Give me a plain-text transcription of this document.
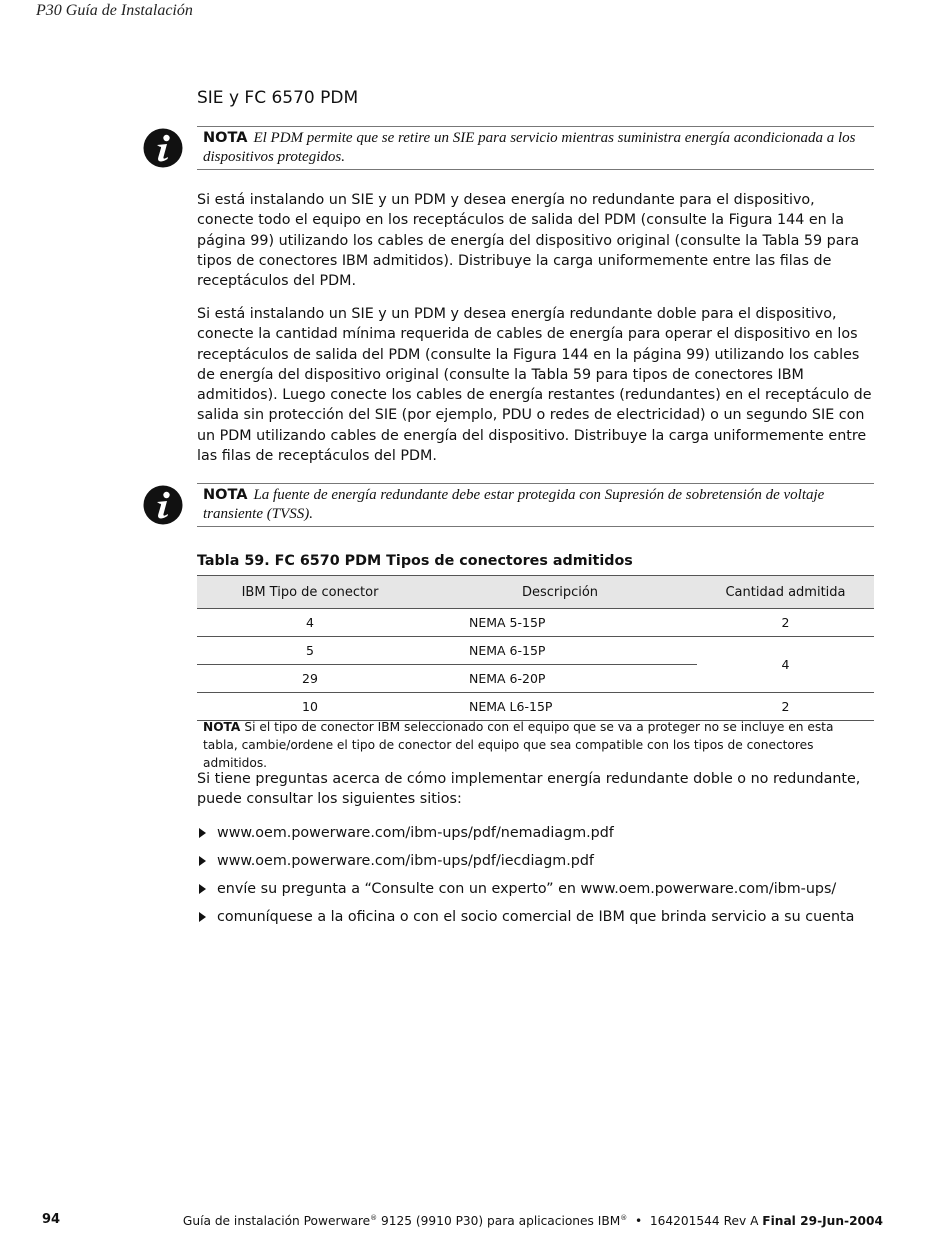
P30 Guía de Instalación
SIE y FC 6570 PDM
NOTA El PDM permite que se retire un SIE para servicio mientras suministra energía acondicionada a los dispositivos protegidos.
Si está instalando un SIE y un PDM y desea energía no redundante para el dispositivo, conecte todo el equipo en los receptáculos de salida del PDM (consulte la Figura 144 en la página 99) utilizando los cables de energía del dispositivo original (consulte la Tabla 59 para tipos de conectores IBM admitidos). Distribuye la carga uniformemente entre las filas de receptáculos del PDM.
Si está instalando un SIE y un PDM y desea energía redundante doble para el dispositivo, conecte la cantidad mínima requerida de cables de energía para operar el dispositivo en los receptáculos de salida del PDM (consulte la Figura 144 en la página 99) utilizando los cables de energía del dispositivo original (consulte la Tabla 59 para tipos de conectores IBM admitidos). Luego conecte los cables de energía restantes (redundantes) en el receptáculo de salida sin protección del SIE (por ejemplo, PDU o redes de electricidad) o un segundo SIE con un PDM utilizando cables de energía del dispositivo. Distribuye la carga uniformemente entre las filas de receptáculos del PDM.
NOTA La fuente de energía redundante debe estar protegida con Supresión de sobretensión de voltaje transiente (TVSS).
Tabla 59. FC 6570 PDM Tipos de conectores admitidos
IBM Tipo de conector	Descripción	Cantidad admitida
4	NEMA 5-15P	2
5	NEMA 6-15P	4
29	NEMA 6-20P	
10	NEMA L6-15P	2
NOTA Si el tipo de conector IBM seleccionado con el equipo que se va a proteger no se incluye en esta tabla, cambie/ordene el tipo de conector del equipo que sea compatible con los tipos de conectores admitidos.
Si tiene preguntas acerca de cómo implementar energía redundante doble o no redundante, puede consultar los siguientes sitios:
www.oem.powerware.com/ibm-ups/pdf/nemadiagm.pdf
www.oem.powerware.com/ibm-ups/pdf/iecdiagm.pdf
envíe su pregunta a “Consulte con un experto” en www.oem.powerware.com/ibm-ups/
comuníquese a la oficina o con el socio comercial de IBM que brinda servicio a su cuenta
94	Guía de instalación Powerware® 9125 (9910 P30) para aplicaciones IBM®  •  164201544 Rev A Final 29-Jun-2004
